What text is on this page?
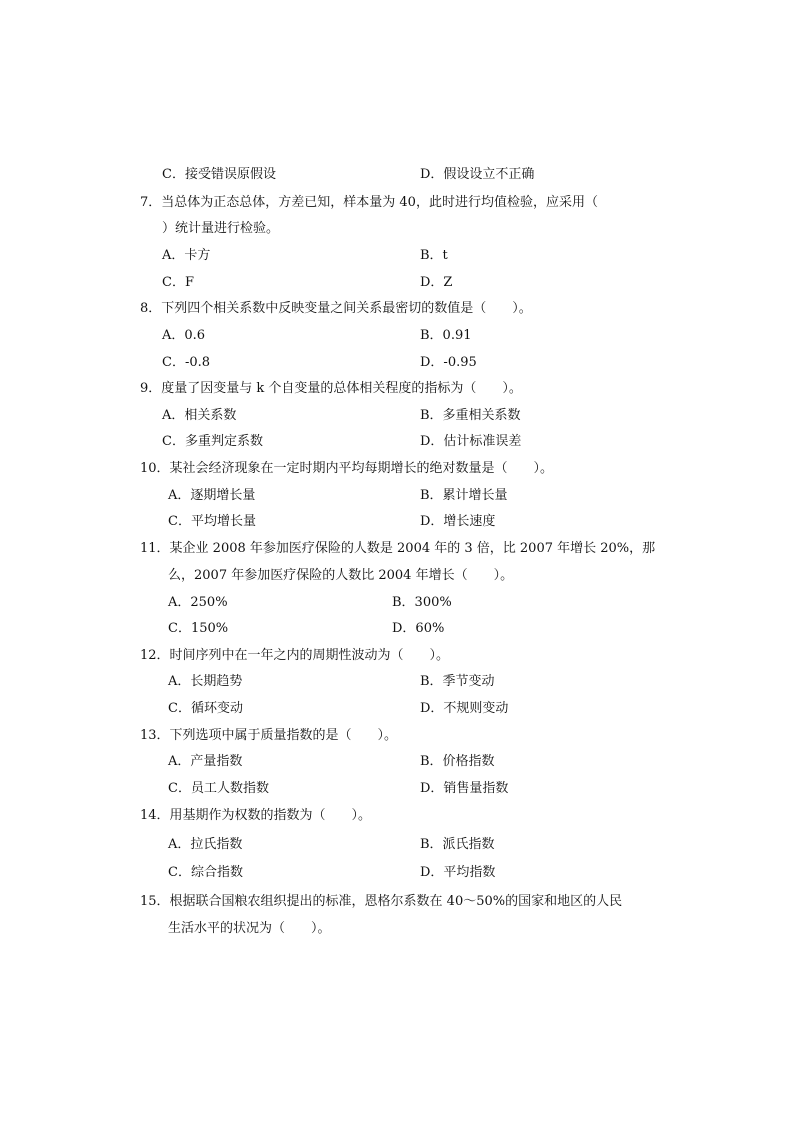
C．接受错误原假设	D．假设设立不正确
7．当总体为正态总体，方差已知，样本量为 40，此时进行均值检验，应采用（
）统计量进行检验。
A．卡方	B．t
C．F	D．Z
8．下列四个相关系数中反映变量之间关系最密切的数值是（　　）。
A．0.6	B．0.91
C．-0.8	D．-0.95
9．度量了因变量与 k 个自变量的总体相关程度的指标为（　　）。
A．相关系数	B．多重相关系数
C．多重判定系数	D．估计标准误差
10．某社会经济现象在一定时期内平均每期增长的绝对数量是（　　）。
A．逐期增长量	B．累计增长量
C．平均增长量	D．增长速度
11．某企业 2008 年参加医疗保险的人数是 2004 年的 3 倍，比 2007 年增长 20%，那
么，2007 年参加医疗保险的人数比 2004 年增长（　　）。
A．250%	B．300%
C．150%	D．60%
12．时间序列中在一年之内的周期性波动为（　　）。
A．长期趋势	B．季节变动
C．循环变动	D．不规则变动
13．下列选项中属于质量指数的是（　　）。
A．产量指数	B．价格指数
C．员工人数指数	D．销售量指数
14．用基期作为权数的指数为（　　）。
A．拉氏指数	B．派氏指数
C．综合指数	D．平均指数
15．根据联合国粮农组织提出的标准，恩格尔系数在 40～50%的国家和地区的人民
生活水平的状况为（　　）。
